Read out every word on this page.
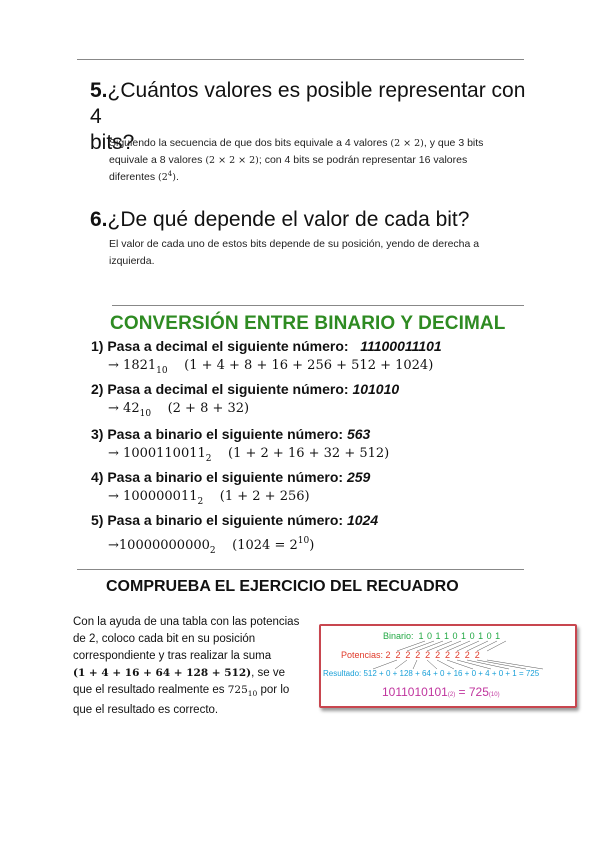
5.¿Cuántos valores es posible representar con 4
bits?
Siguiendo la secuencia de que dos bits equivale a 4 valores (2 × 2), y que 3 bits
equivale a 8 valores (2 × 2 × 2); con 4 bits se podrán representar 16 valores
diferentes $(2^4)$.
6.¿De qué depende el valor de cada bit?
El valor de cada uno de estos bits depende de su posición, yendo de derecha a
izquierda.
CONVERSIÓN ENTRE BINARIO Y DECIMAL
1) Pasa a decimal el siguiente número: 11100011101
→ $1821_{10}$ (1 + 4 + 8 + 16 + 256 + 512 + 1024)
2) Pasa a decimal el siguiente número: 101010
→ $42_{10}$ (2 + 8 + 32)
3) Pasa a binario el siguiente número: 563
→ $1000110011_2$ (1 + 2 + 16 + 32 + 512)
4) Pasa a binario el siguiente número: 259
→ $100000011_2$ (1 + 2 + 256)
5) Pasa a binario el siguiente número: 1024
$\to 10000000000_2$ $(1024 = 2^{10})$
COMPRUEBA EL EJERCICIO DEL RECUADRO
Con la ayuda de una tabla con las potencias
de 2, coloco cada bit en su posición
correspondiente y tras realizar la suma
(1 + 4 + 16 + 64 + 128 + 512), se ve
que el resultado realmente es $725_{10}$ por lo
que el resultado es correcto.
Binario: 1 0 1 1 0 1 0 1 0 1
Potencias: 2 2 2 2 2 2 2 2 2 2
Resultado: 512 + 0 + 128 + 64 + 0 + 16 + 0 + 4 + 0 + 1 = 725
1011010101(2) = 725(10)
